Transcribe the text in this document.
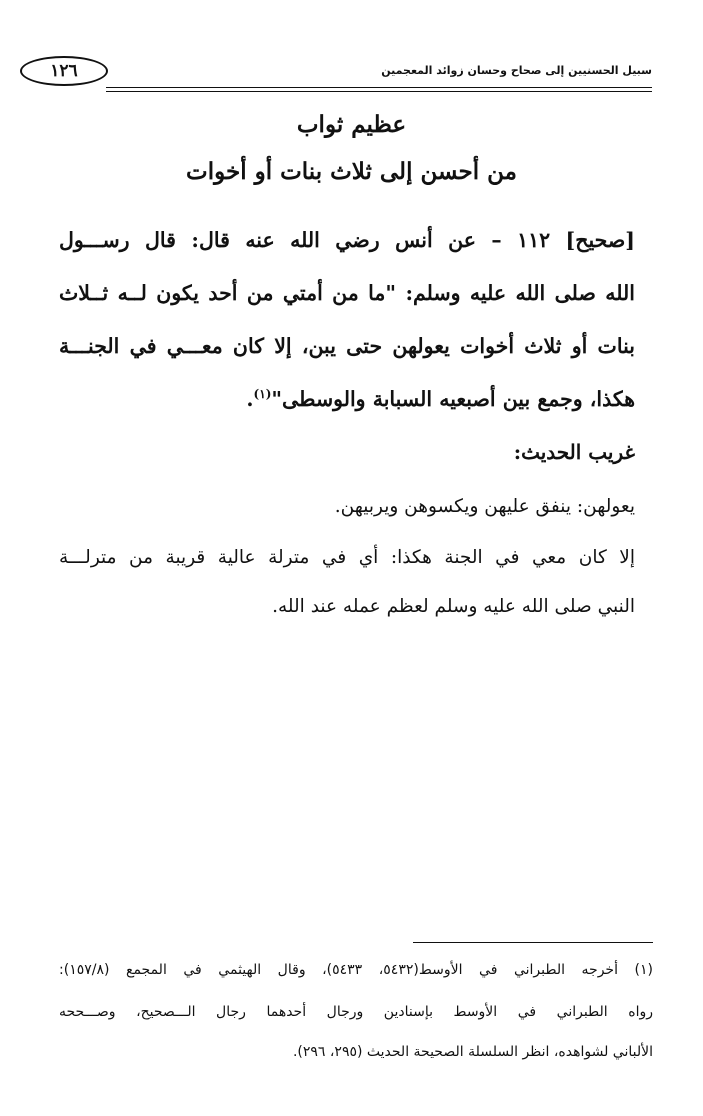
١٢٦	سبيل الحسنيين إلى صحاح وحسان زوائد المعجمين
عظيم ثواب
من أحسن إلى ثلاث بنات أو أخوات
[صحيح] ١١٢ – عن أنس رضي الله عنه قال: قال رســـول
الله صلى الله عليه وسلم: "ما من أمتي من أحد يكون لــه ثــلاث
بنات أو ثلاث أخوات يعولهن حتى يبن، إلا كان معـــي في الجنـــة
هكذا، وجمع بين أصبعيه السبابة والوسطى"$^{(١)}$.
غريب الحديث:
يعولهن: ينفق عليهن ويكسوهن ويربيهن.
إلا كان معي في الجنة هكذا: أي في مترلة عالية قريبة من مترلـــة
النبي صلى الله عليه وسلم لعظم عمله عند الله.
(١) أخرجه الطبراني في الأوسط(٥٤٣٢، ٥٤٣٣)، وقال الهيثمي في المجمع (١٥٧/٨):
رواه الطبراني في الأوسط بإسنادين ورجال أحدهما رجال الـــصحيح، وصـــححه
الألباني لشواهده، انظر السلسلة الصحيحة الحديث (٢٩٥، ٢٩٦).
